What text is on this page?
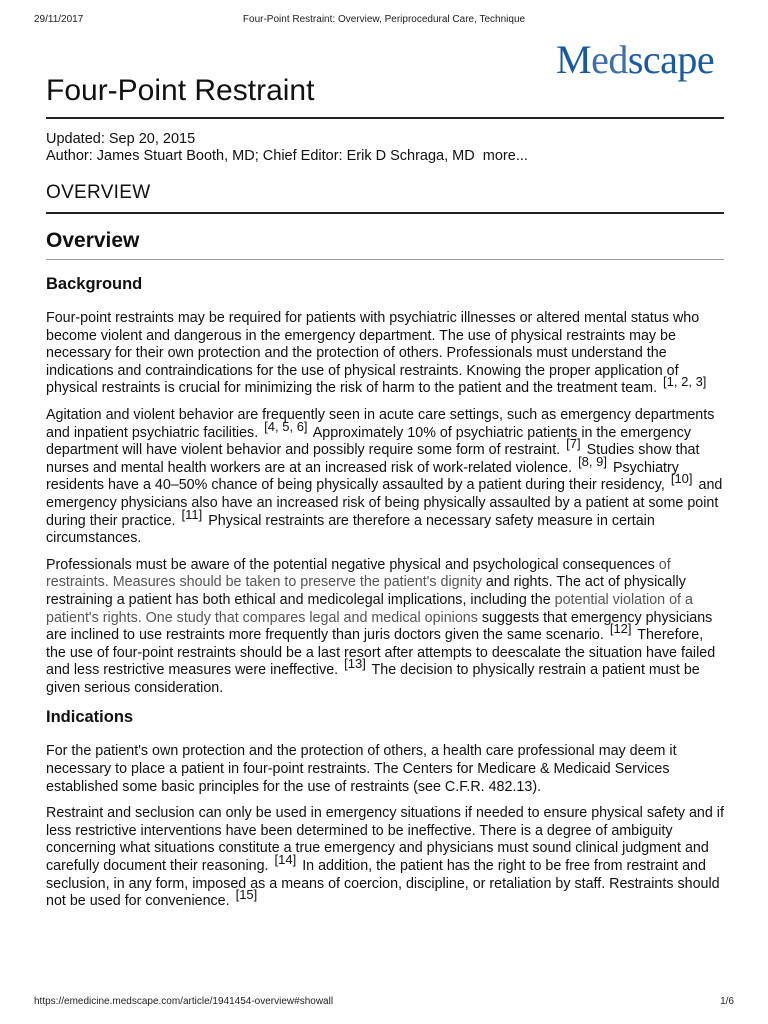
29/11/2017	Four-Point Restraint: Overview, Periprocedural Care, Technique
Medscape
Four-Point Restraint
Updated: Sep 20, 2015
Author: James Stuart Booth, MD; Chief Editor: Erik D Schraga, MD more...
OVERVIEW
Overview
Background

Four-point restraints may be required for patients with psychiatric illnesses or altered mental status who become violent and dangerous in the emergency department. The use of physical restraints may be necessary for their own protection and the protection of others. Professionals must understand the indications and contraindications for the use of physical restraints. Knowing the proper application of physical restraints is crucial for minimizing the risk of harm to the patient and the treatment team. [1, 2, 3]

Agitation and violent behavior are frequently seen in acute care settings, such as emergency departments and inpatient psychiatric facilities. [4, 5, 6] Approximately 10% of psychiatric patients in the emergency department will have violent behavior and possibly require some form of restraint. [7] Studies show that nurses and mental health workers are at an increased risk of work-related violence. [8, 9] Psychiatry residents have a 40–50% chance of being physically assaulted by a patient during their residency, [10] and emergency physicians also have an increased risk of being physically assaulted by a patient at some point during their practice. [11] Physical restraints are therefore a necessary safety measure in certain circumstances.

Professionals must be aware of the potential negative physical and psychological consequences of restraints. Measures should be taken to preserve the patient's dignity and rights. The act of physically restraining a patient has both ethical and medicolegal implications, including the potential violation of a patient's rights. One study that compares legal and medical opinions suggests that emergency physicians are inclined to use restraints more frequently than juris doctors given the same scenario. [12] Therefore, the use of four-point restraints should be a last resort after attempts to deescalate the situation have failed and less restrictive measures were ineffective. [13] The decision to physically restrain a patient must be given serious consideration.

Indications

For the patient's own protection and the protection of others, a health care professional may deem it necessary to place a patient in four-point restraints. The Centers for Medicare & Medicaid Services established some basic principles for the use of restraints (see C.F.R. 482.13).

Restraint and seclusion can only be used in emergency situations if needed to ensure physical safety and if less restrictive interventions have been determined to be ineffective. There is a degree of ambiguity concerning what situations constitute a true emergency and physicians must sound clinical judgment and carefully document their reasoning. [14] In addition, the patient has the right to be free from restraint and seclusion, in any form, imposed as a means of coercion, discipline, or retaliation by staff. Restraints should not be used for convenience. [15]

https://emedicine.medscape.com/article/1941454-overview#showall	1/6
